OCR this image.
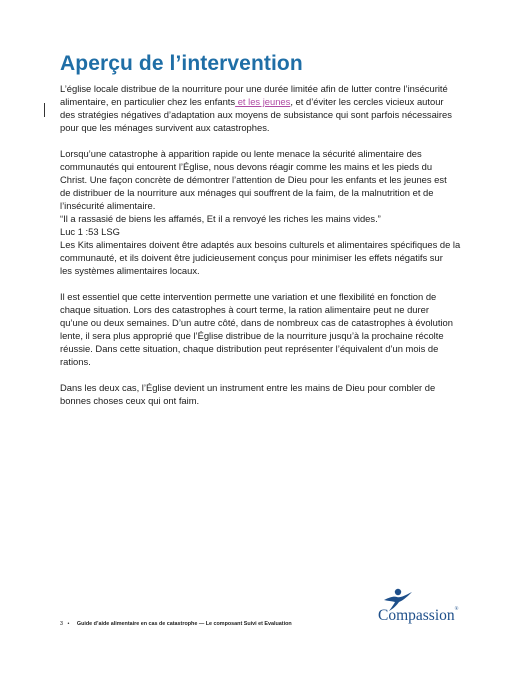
Aperçu de l’intervention
L’église locale distribue de la nourriture pour une durée limitée afin de lutter contre l’insécurité
alimentaire, en particulier chez les enfants et les jeunes, et d’éviter les cercles vicieux autour
des stratégies négatives d’adaptation aux moyens de subsistance qui sont parfois nécessaires
pour que les ménages survivent aux catastrophes.
Lorsqu’une catastrophe à apparition rapide ou lente menace la sécurité alimentaire des
communautés qui entourent l’Église, nous devons réagir comme les mains et les pieds du
Christ. Une façon concrète de démontrer l’attention de Dieu pour les enfants et les jeunes est
de distribuer de la nourriture aux ménages qui souffrent de la faim, de la malnutrition et de
l’insécurité alimentaire.
“Il a rassasié de biens les affamés, Et il a renvoyé les riches les mains vides.”
Luc 1 :53 LSG
Les Kits alimentaires doivent être adaptés aux besoins culturels et alimentaires spécifiques de la
communauté, et ils doivent être judicieusement conçus pour minimiser les effets négatifs sur
les systèmes alimentaires locaux.
Il est essentiel que cette intervention permette une variation et une flexibilité en fonction de
chaque situation. Lors des catastrophes à court terme, la ration alimentaire peut ne durer
qu’une ou deux semaines. D’un autre côté, dans de nombreux cas de catastrophes à évolution
lente, il sera plus approprié que l’Église distribue de la nourriture jusqu’à la prochaine récolte
réussie. Dans cette situation, chaque distribution peut représenter l’équivalent d’un mois de
rations.
Dans les deux cas, l’Église devient un instrument entre les mains de Dieu pour combler de
bonnes choses ceux qui ont faim.
3 • Guide d’aide alimentaire en cas de catastrophe — Le composant Suivi et Evaluation	Compassion®
